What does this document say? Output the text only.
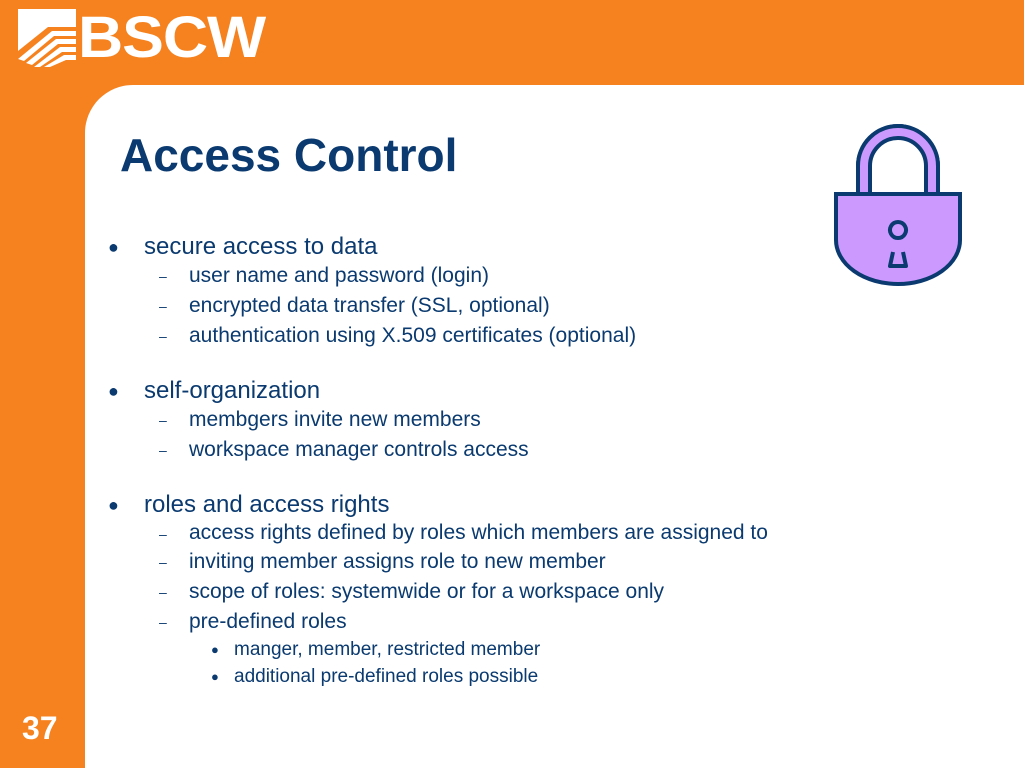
BSCW
Access Control
● secure access to data
– user name and password (login)
– encrypted data transfer (SSL, optional)
– authentication using X.509 certificates (optional)
● self-organization
– membgers invite new members
– workspace manager controls access
● roles and access rights
– access rights defined by roles which members are assigned to
– inviting member assigns role to new member
– scope of roles: systemwide or for a workspace only
– pre-defined roles
● manger, member, restricted member
● additional pre-defined roles possible
37
